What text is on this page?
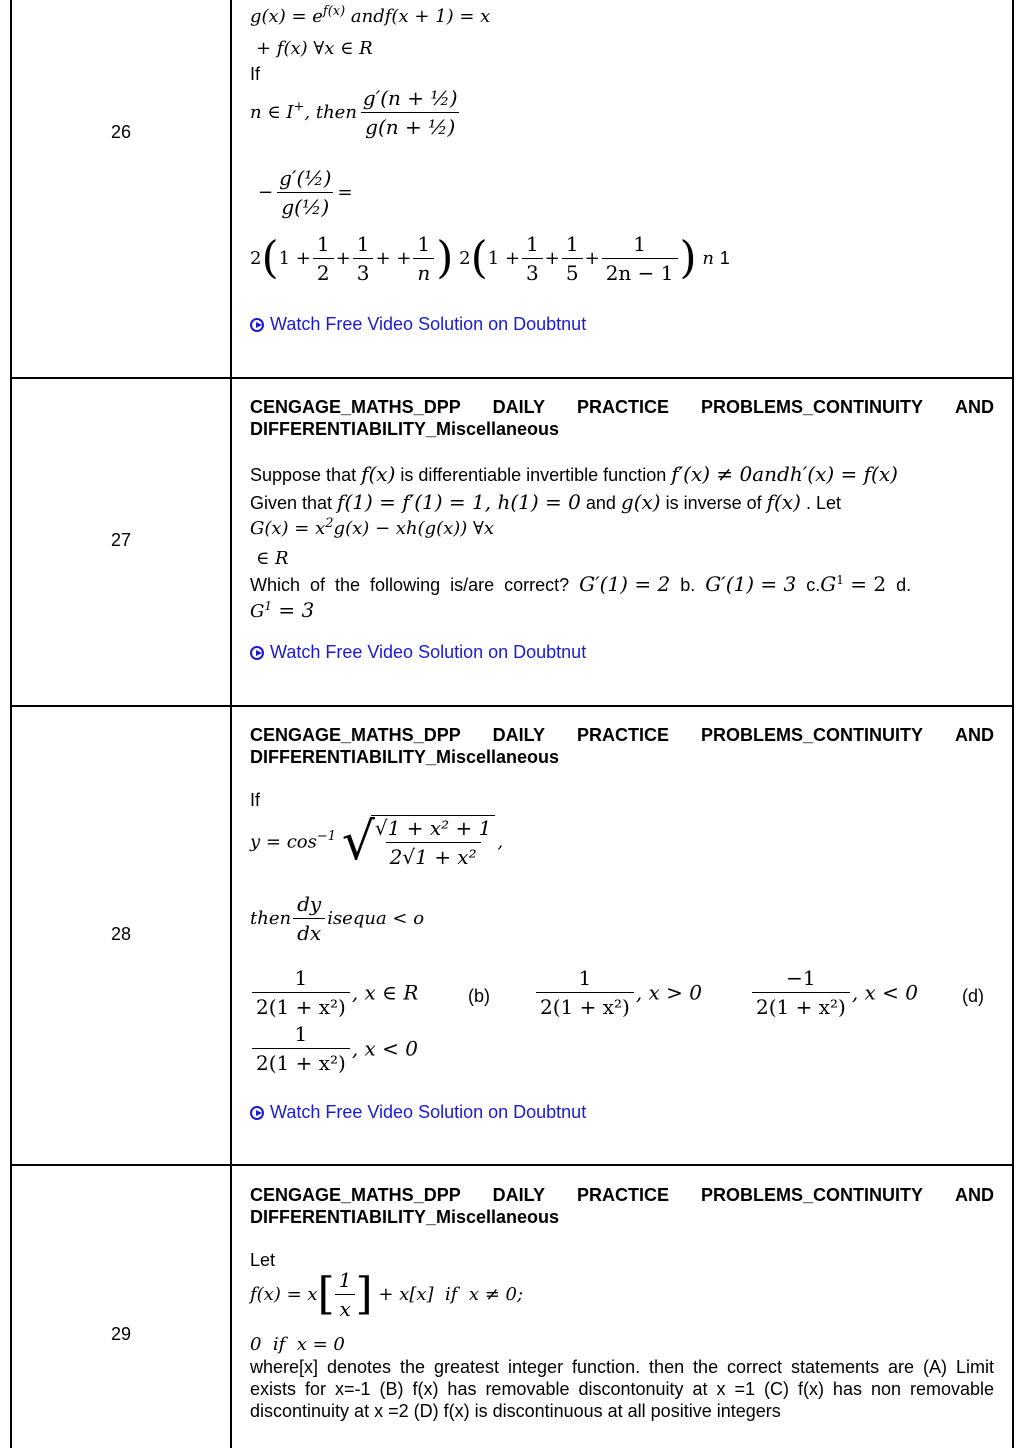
26
$g(x) = e^{f(x)}$ andf(x + 1) = x
+ f(x) ∀x ∈ R
If
n ∈ I+, then $\frac{\text{g′(n + ½)}}{\text{g(n + ½)}}$
− $\frac{\text{g′(½)}}{\text{g(½)}}$ =
$2(1 + \frac{1}{2} + \frac{1}{3}$ + + $\frac{1}{n}$ ) $2(1 + \frac{1}{3} + \frac{1}{5} + \frac{1}{2n - 1}$ ) n 1
Watch Free Video Solution on Doubtnut
27
CENGAGE_MATHS_DPP DAILY PRACTICE PROBLEMS_CONTINUITY AND
DIFFERENTIABILITY_Miscellaneous
Suppose that f(x) is differentiable invertible function f′(x) ≠ 0andh′(x) = f(x)
Given that f(1) = f′(1) = 1, h(1) = 0 and g(x) is inverse of f(x) . Let
$G(x) = x^2g(x) - xh(g(x))$ ∀x
∈ R
Which  of  the  following  is/are  correct?  G′(1) = 2  b.  G′(1) = 3  $c.G^1 = 2$  d.
$G^1 = 3$
Watch Free Video Solution on Doubtnut
28
CENGAGE_MATHS_DPP DAILY PRACTICE PROBLEMS_CONTINUITY AND
DIFFERENTIABILITY_Miscellaneous
If
$y = \cos^{-1}$ √
$\frac{\text{√1 + x² + 1}}{\text{2√1 + x²}}$ ,
then $\frac{dy}{dx}$ isequa < o
$\frac{1}{\text{2(1 + x²)}}$ , x ∈ R	$(b) \frac{1}{\text{2(1 + x²)}}$ , $x > 0 \frac{-1}{\text{2(1 + x²)}}$ , x < 0 (d)
$\frac{1}{\text{2(1 + x²)}}$ , x < 0
Watch Free Video Solution on Doubtnut
29
CENGAGE_MATHS_DPP DAILY PRACTICE PROBLEMS_CONTINUITY AND
DIFFERENTIABILITY_Miscellaneous
Let
$f(x) = x[ \frac{1}{x}$ ] + x[x]  if  x ≠ 0;
0  if  x = 0
where[x] denotes the greatest integer function. then the correct statements are (A) Limit exists for x=-1 (B) f(x) has removable discontonuity at x =1 (C) f(x) has non removable discontinuity at x =2 (D) f(x) is discontinuous at all positive integers
